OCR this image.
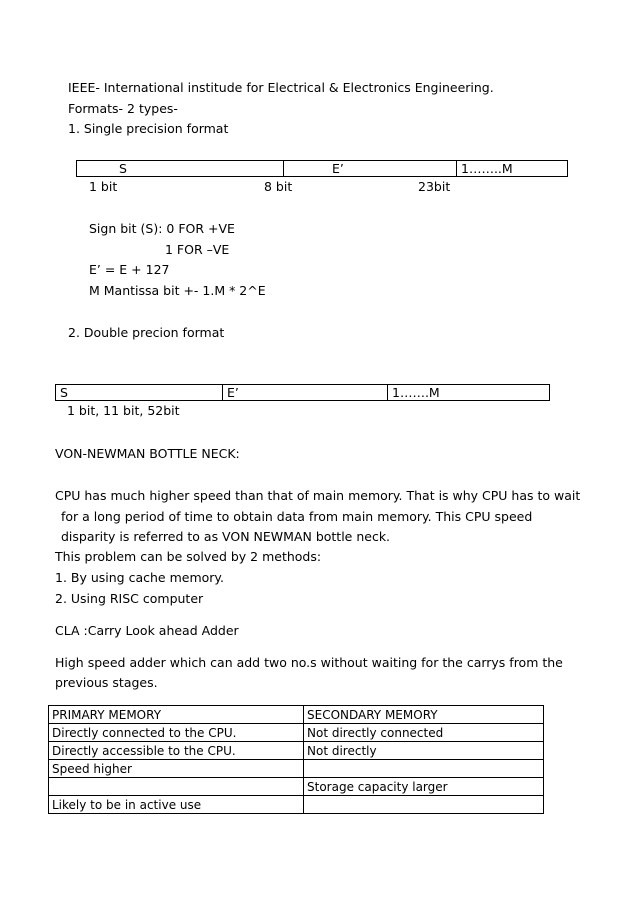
IEEE- International institude for Electrical & Electronics Engineering.
Formats- 2 types-
1. Single precision format
S	E’	1……..M
1 bit	8 bit	23bit
Sign bit (S): 0 FOR +VE
1 FOR –VE
E’ = E + 127
M Mantissa bit +- 1.M * 2^E
2. Double precion format
S	E’	1…….M
1 bit, 11 bit, 52bit
VON-NEWMAN BOTTLE NECK:
CPU has much higher speed than that of main memory. That is why CPU has to wait
for a long period of time to obtain data from main memory. This CPU speed
disparity is referred to as VON NEWMAN bottle neck.
This problem can be solved by 2 methods:
1. By using cache memory.
2. Using RISC computer
CLA :Carry Look ahead Adder
High speed adder which can add two no.s without waiting for the carrys from the
previous stages.
PRIMARY MEMORY	SECONDARY MEMORY
Directly connected to the CPU.	Not directly connected
Directly accessible to the CPU.	Not directly
Speed higher	
	Storage capacity larger
Likely to be in active use	
